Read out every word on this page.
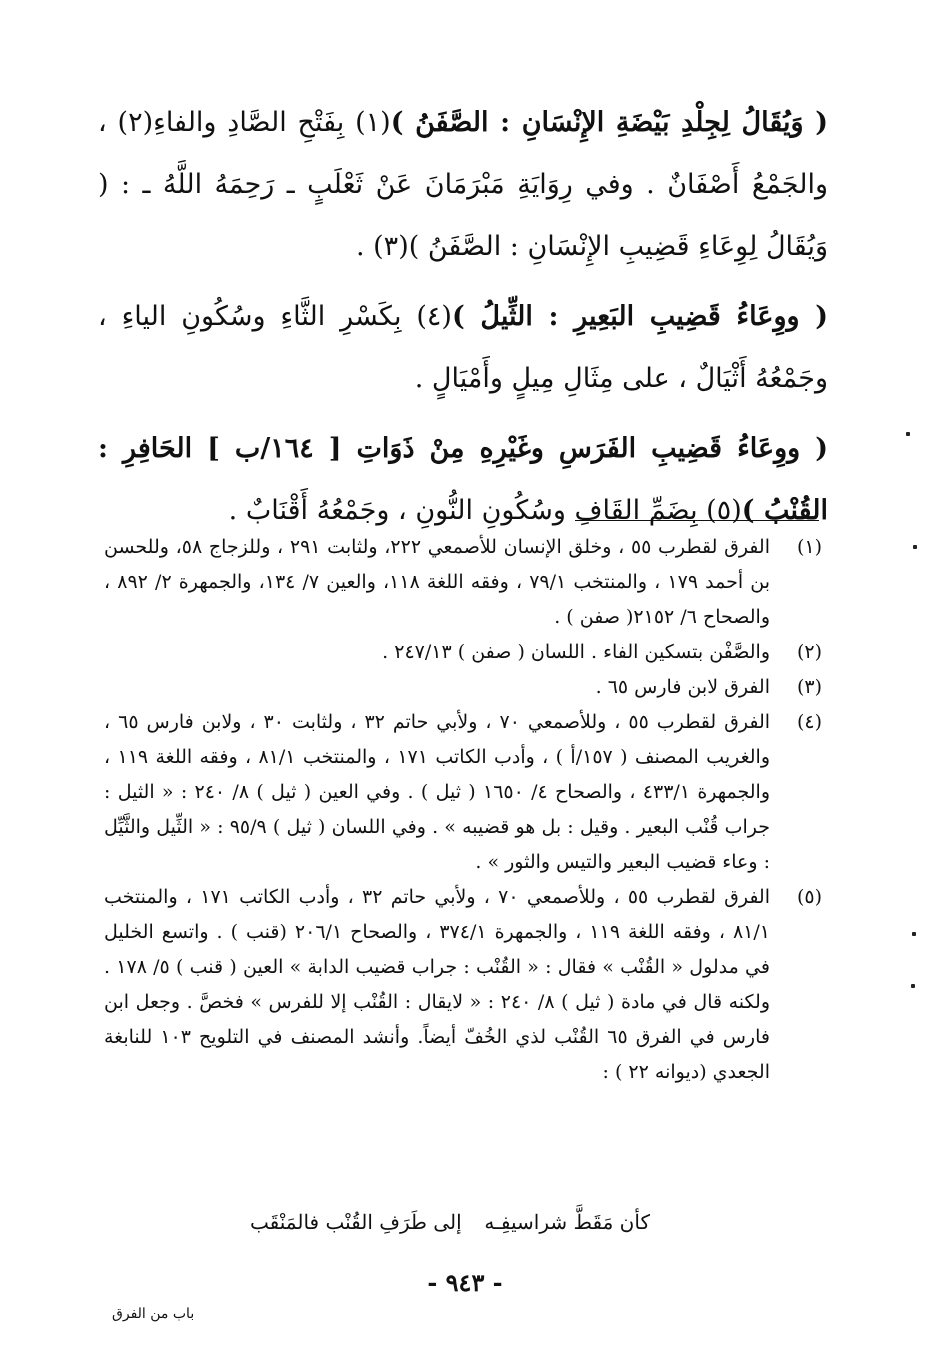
( وَيُقَالُ لِجِلْدِ بَيْضَةِ الإِنْسَانِ : الصَّفَنُ )(١) بِفَتْحِ الصَّادِ والفاءِ(٢) ، والجَمْعُ أَصْفَانٌ . وفي رِوَايَةِ مَبْرَمَانَ عَنْ ثَعْلَبٍ ـ رَحِمَهُ اللَّهُ ـ : ( وَيُقَالُ لِوِعَاءِ قَضِيبِ الإِنْسَانِ : الصَّفَنُ )(٣) .

( ووِعَاءُ قَضِيبِ البَعِيرِ : الثِّيلُ )(٤) بِكَسْرِ الثَّاءِ وسُكُونِ الياءِ ، وجَمْعُهُ أَثْيَالٌ ، على مِثَالِ مِيلٍ وأَمْيَالٍ .

( ووِعَاءُ قَضِيبِ الفَرَسِ وغَيْرِهِ مِنْ ذَوَاتِ [ ١٦٤/ب ] الحَافِرِ : القُنْبُ )(٥) بِضَمِّ القَافِ وسُكُونِ النُّونِ ، وجَمْعُهُ أَقْنَابٌ .

(١)
الفرق لقطرب ٥٥ ، وخلق الإنسان للأصمعي ٢٢٢، ولثابت ٢٩١ ، وللزجاج ٥٨، وللحسن بن أحمد ١٧٩ ، والمنتخب ٧٩/١ ، وفقه اللغة ١١٨، والعين ٧/ ١٣٤، والجمهرة ٢/ ٨٩٢ ، والصحاح ٦/ ٢١٥٢( صفن ) .
(٢)
والصَّفْن بتسكين الفاء . اللسان ( صفن ) ٢٤٧/١٣ .
(٣)
الفرق لابن فارس ٦٥ .
(٤)
الفرق لقطرب ٥٥ ، وللأصمعي ٧٠ ، ولأبي حاتم ٣٢ ، ولثابت ٣٠ ، ولابن فارس ٦٥ ، والغريب المصنف ( ١٥٧/أ ) ، وأدب الكاتب ١٧١ ، والمنتخب ٨١/١ ، وفقه اللغة ١١٩ ، والجمهرة ٤٣٣/١ ، والصحاح ٤/ ١٦٥٠ ( ثيل ) . وفي العين ( ثيل ) ٨/ ٢٤٠ : « الثيل : جراب قُنْب البعير . وقيل : بل هو قضيبه » . وفي اللسان ( ثيل ) ٩٥/٩ : « الثِّيل والثَّيِّل : وعاء قضيب البعير والتيس والثور » .
(٥)
الفرق لقطرب ٥٥ ، وللأصمعي ٧٠ ، ولأبي حاتم ٣٢ ، وأدب الكاتب ١٧١ ، والمنتخب ٨١/١ ، وفقه اللغة ١١٩ ، والجمهرة ٣٧٤/١ ، والصحاح ٢٠٦/١ (قنب ) . واتسع الخليل في مدلول « القُنْب » فقال : « القُنْب : جراب قضيب الدابة » العين ( قنب ) ٥/ ١٧٨ . ولكنه قال في مادة ( ثيل ) ٨/ ٢٤٠ : « لايقال : القُنْب إلا للفرس » فخصَّ . وجعل ابن فارس في الفرق ٦٥ القُنْب لذي الخُفّ أيضاً. وأنشد المصنف في التلويح ١٠٣ للنابغة الجعدي (ديوانه ٢٢ ) :
كأن مَقَطَّ شراسيفِـه
إلى طَرَفِ القُنْب فالمَنْقَب
- ٩٤٣ -
باب من الفرق
